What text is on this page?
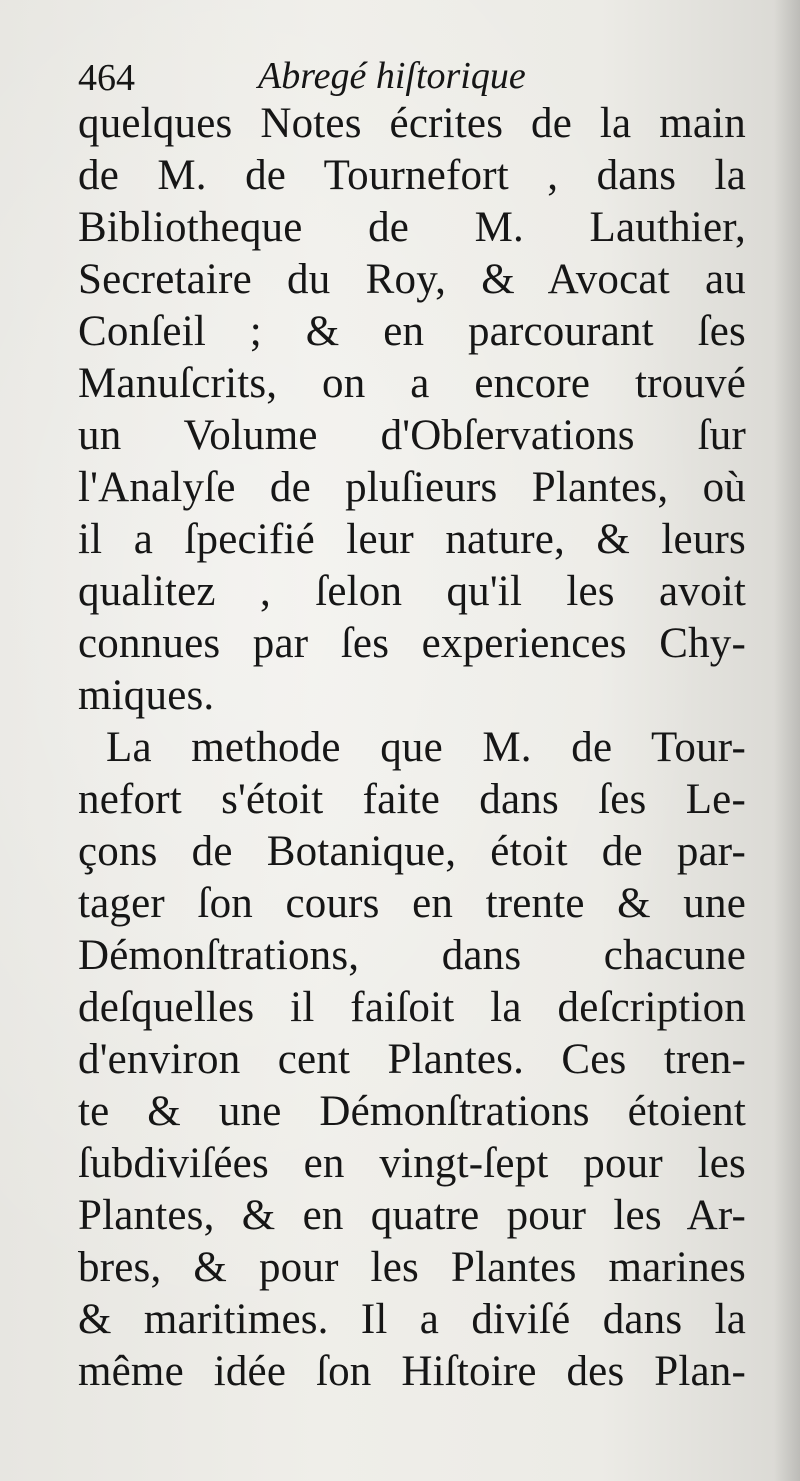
464	Abregé hiſtorique
quelques Notes écrites de la main
de M. de Tournefort , dans la
Bibliotheque de M. Lauthier,
Secretaire du Roy, & Avocat au
Conſeil ; & en parcourant ſes
Manuſcrits, on a encore trouvé
un Volume d'Obſervations ſur
l'Analyſe de pluſieurs Plantes, où
il a ſpecifié leur nature, & leurs
qualitez , ſelon qu'il les avoit
connues par ſes experiences Chy-
miques.
La methode que M. de Tour-
nefort s'étoit faite dans ſes Le-
çons de Botanique, étoit de par-
tager ſon cours en trente & une
Démonſtrations, dans chacune
deſquelles il faiſoit la deſcription
d'environ cent Plantes. Ces tren-
te & une Démonſtrations étoient
ſubdiviſées en vingt-ſept pour les
Plantes, & en quatre pour les Ar-
bres, & pour les Plantes marines
& maritimes. Il a diviſé dans la
même idée ſon Hiſtoire des Plan-
